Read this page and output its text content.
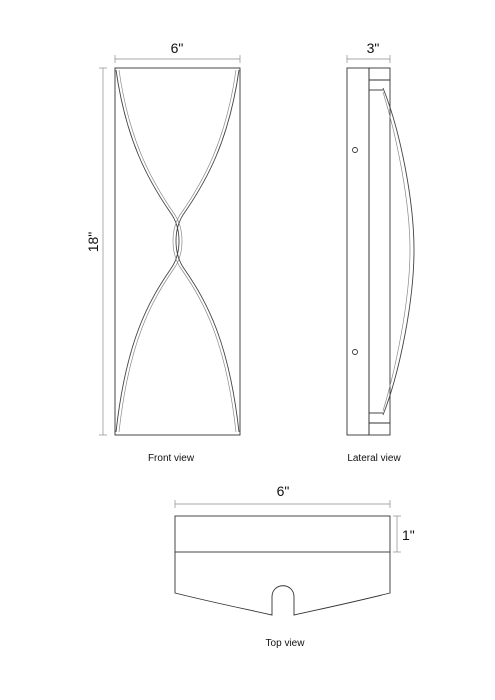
6"
18"
Front view
3"
Lateral view
6"
1"
Top view
